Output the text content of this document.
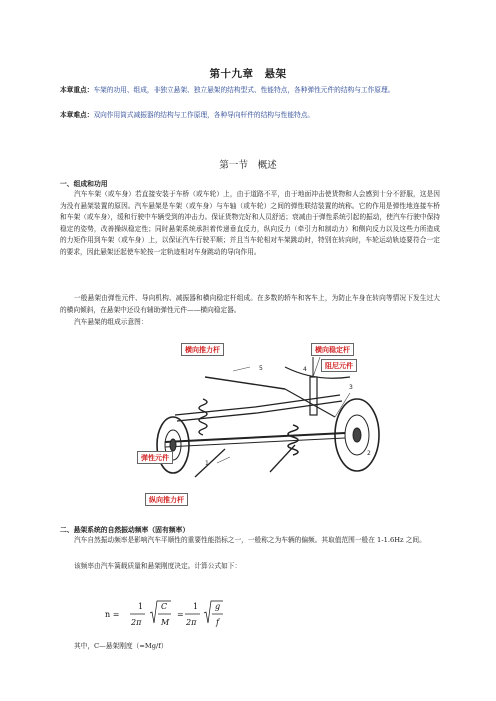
第十九章　悬架
本章重点：车架的功用、组成，非独立悬架、独立悬架的结构型式、性能特点，各种弹性元件的结构与工作原理。
本章难点：双向作用筒式减振器的结构与工作原理，各种导向杆件的结构与性能特点。
第一节　概述
一、组成和功用
汽车车架（或车身）若直接安装于车桥（或车轮）上，由于道路不平，由于地面冲击使货物和人会感到十分不舒服，这是因为没有悬架装置的原因。汽车悬架是车架（或车身）与车轴（或车轮）之间的弹性联结装置的统称。它的作用是弹性地连接车桥和车架（或车身），缓和行驶中车辆受到的冲击力。保证货物完好和人员舒适；衰减由于弹性系统引起的振动，使汽车行驶中保持稳定的姿势，改善操纵稳定性；同时悬架系统承担着传递垂直反力，纵向反力（牵引力和制动力）和侧向反力以及这些力所造成的力矩作用到车架（或车身）上，以保证汽车行驶平顺；并且当车轮相对车架跳动时，特别在转向时，车轮运动轨迹要符合一定的要求，因此悬架还起使车轮按一定轨迹相对车身跳动的导向作用。
一般悬架由弹性元件、导向机构、减振器和横向稳定杆组成。在多数的轿车和客车上，为防止车身在转向等情况下发生过大的横向倾斜，在悬架中还设有辅助弹性元件——横向稳定器。
汽车悬架的组成示意图：
5	4
3
1
2
横向推力杆	横向稳定杆
阻尼元件
弹性元件
纵向推力杆
二、悬架系统的自然振动频率（固有频率）
汽车自然振动频率是影响汽车平顺性的重要性能指标之一，一般称之为车辆的偏频。其取值范围一般在 1-1.6Hz 之间。
该频率由汽车簧载质量和悬架刚度决定。计算公式如下：
n =
1
2π
C
M
=
1
2π
g
f
其中，C—悬架刚度（=Mg/f）
